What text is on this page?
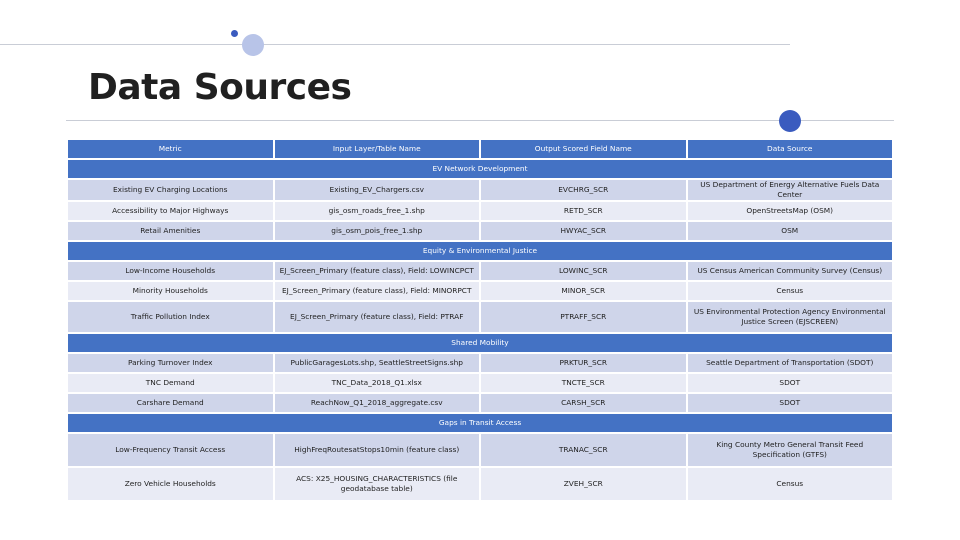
Data Sources
Metric	Input Layer/Table Name	Output Scored Field Name	Data Source
EV Network Development			
Existing EV Charging Locations	Existing_EV_Chargers.csv	EVCHRG_SCR	US Department of Energy Alternative Fuels Data Center
Accessibility to Major Highways	gis_osm_roads_free_1.shp	RETD_SCR	OpenStreetsMap (OSM)
Retail Amenities	gis_osm_pois_free_1.shp	HWYAC_SCR	OSM
Equity & Environmental Justice			
Low-Income Households	EJ_Screen_Primary (feature class), Field: LOWINCPCT	LOWINC_SCR	US Census American Community Survey (Census)
Minority Households	EJ_Screen_Primary (feature class), Field: MINORPCT	MINOR_SCR	Census
Traffic Pollution Index	EJ_Screen_Primary (feature class), Field: PTRAF	PTRAFF_SCR	US Environmental Protection Agency Environmental Justice Screen (EJSCREEN)
Shared Mobility			
Parking Turnover Index	PublicGaragesLots.shp, SeattleStreetSigns.shp	PRKTUR_SCR	Seattle Department of Transportation (SDOT)
TNC Demand	TNC_Data_2018_Q1.xlsx	TNCTE_SCR	SDOT
Carshare Demand	ReachNow_Q1_2018_aggregate.csv	CARSH_SCR	SDOT
Gaps in Transit Access			
Low-Frequency Transit Access	HighFreqRoutesatStops10min (feature class)	TRANAC_SCR	King County Metro General Transit Feed Specification (GTFS)
Zero Vehicle Households	ACS: X25_HOUSING_CHARACTERISTICS (file geodatabase table)	ZVEH_SCR	Census
